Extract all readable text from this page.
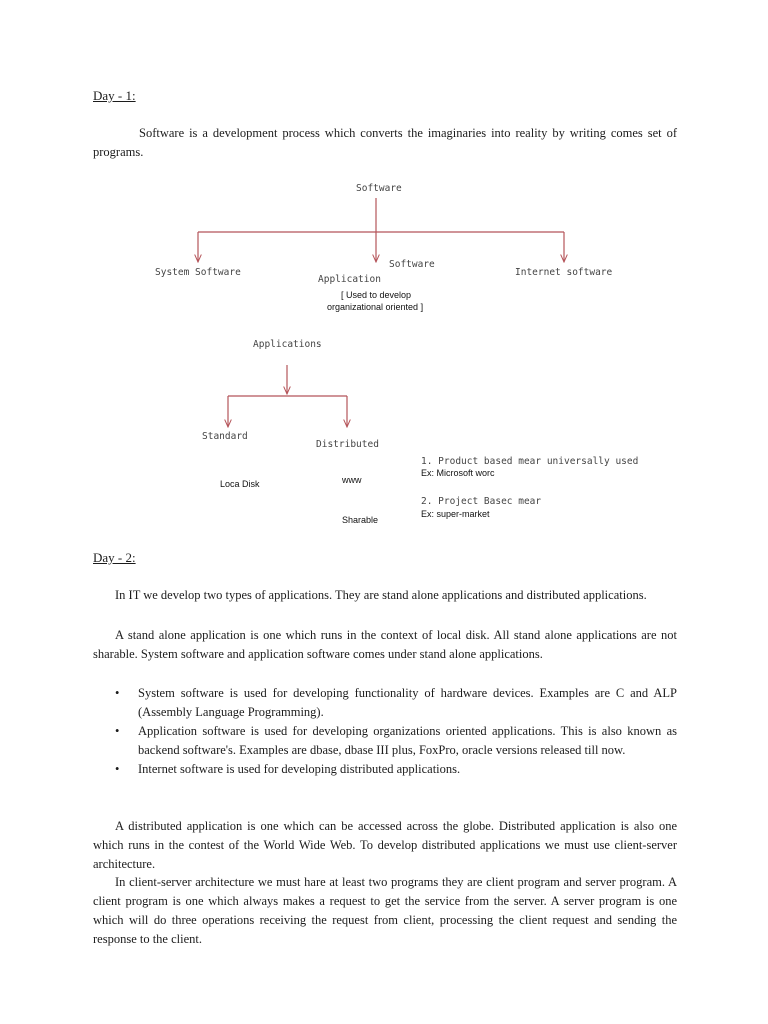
Day - 1:

Software is a development process which converts the imaginaries into reality by writing comes set of programs.

Software
System Software
Application
Software
Internet software
[ Used to develop
organizational oriented ]
Applications
Standard
Distributed
Loca Disk	www
Sharable
1. Product based mear universally used
Ex: Microsoft worc
2. Project Basec mear
Ex: super-market
Day - 2:

In IT we develop two types of applications. They are stand alone applications and distributed applications.

A stand alone application is one which runs in the context of local disk. All stand alone applications are not sharable. System software and application software comes under stand alone applications.

• System software is used for developing functionality of hardware devices. Examples are C and ALP (Assembly Language Programming).
• Application software is used for developing organizations oriented applications. This is also known as backend software's. Examples are dbase, dbase III plus, FoxPro, oracle versions released till now.
• Internet software is used for developing distributed applications.

A distributed application is one which can be accessed across the globe. Distributed application is also one which runs in the contest of the World Wide Web. To develop distributed applications we must use client-server architecture.

In client-server architecture we must hare at least two programs they are client program and server program. A client program is one which always makes a request to get the service from the server. A server program is one which will do three operations receiving the request from client, processing the client request and sending the response to the client.
